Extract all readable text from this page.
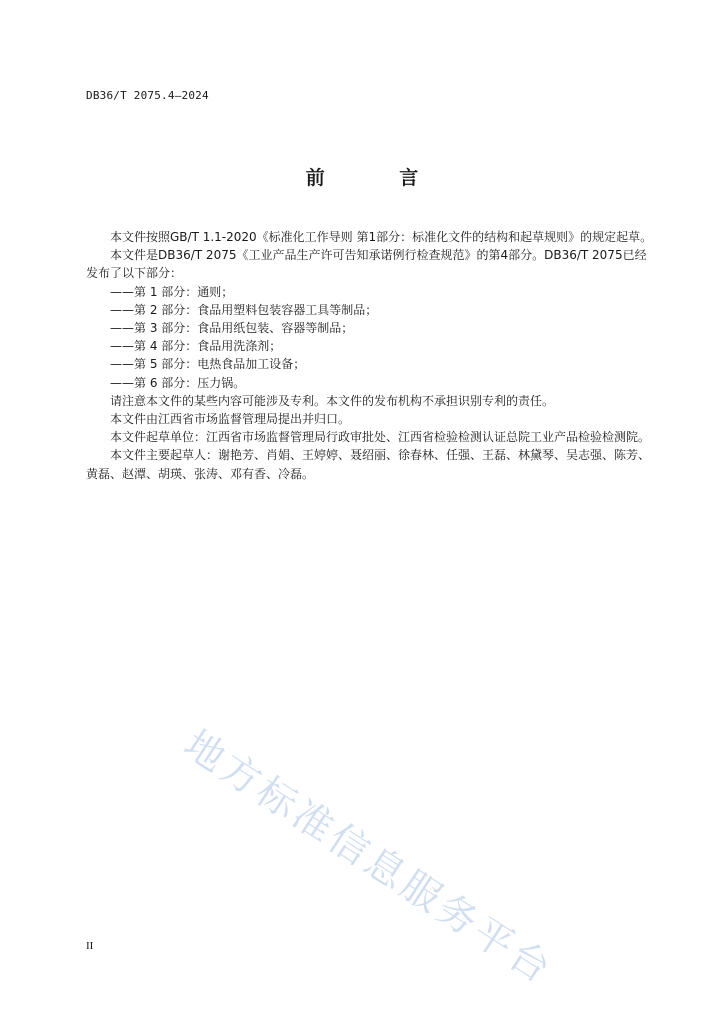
DB36/T 2075.4—2024
前 言

本文件按照GB/T 1.1-2020《标准化工作导则 第1部分：标准化文件的结构和起草规则》的规定起草。

本文件是DB36/T 2075《工业产品生产许可告知承诺例行检查规范》的第4部分。DB36/T 2075已经发布了以下部分：

——第 1 部分：通则；

——第 2 部分：食品用塑料包装容器工具等制品；

——第 3 部分：食品用纸包装、容器等制品；

——第 4 部分：食品用洗涤剂；

——第 5 部分：电热食品加工设备；

——第 6 部分：压力锅。

请注意本文件的某些内容可能涉及专利。本文件的发布机构不承担识别专利的责任。

本文件由江西省市场监督管理局提出并归口。

本文件起草单位：江西省市场监督管理局行政审批处、江西省检验检测认证总院工业产品检验检测院。

本文件主要起草人：谢艳芳、肖娟、王婷婷、聂绍丽、徐春林、任强、王磊、林黛琴、吴志强、陈芳、黄磊、赵潭、胡瑛、张涛、邓有香、冷磊。

地方标准信息服务平台
II
